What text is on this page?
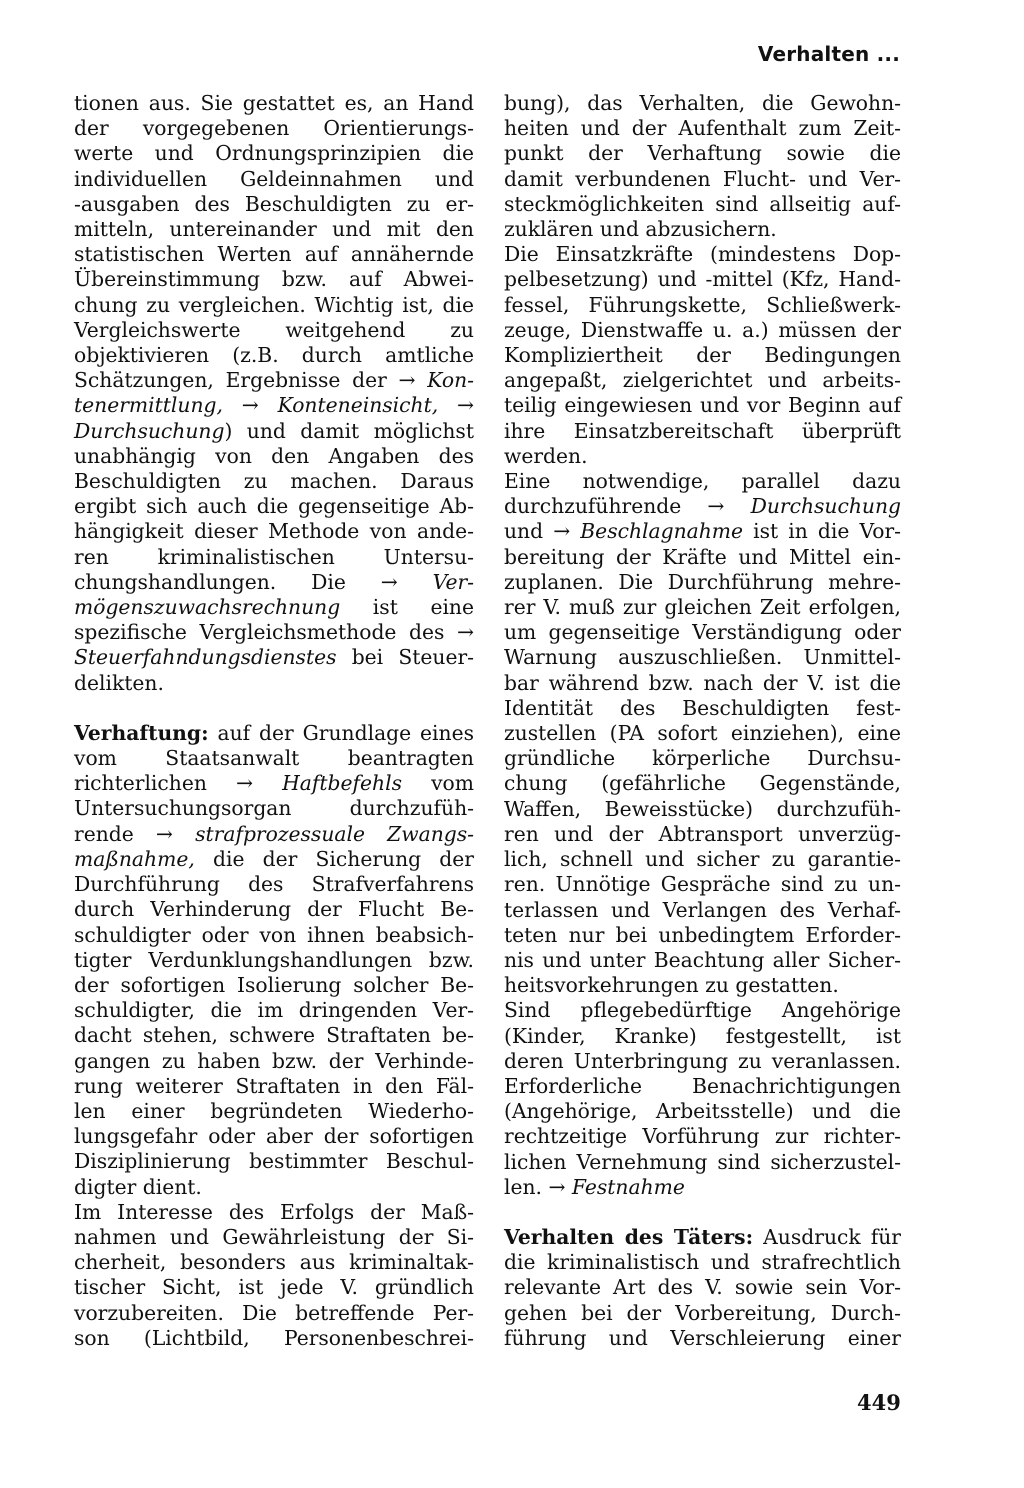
Verhalten ...
tionen aus. Sie gestattet es, an Hand
der vorgegebenen Orientierungs-
werte und Ordnungsprinzipien die
individuellen Geldeinnahmen und
-ausgaben des Beschuldigten zu er-
mitteln, untereinander und mit den
statistischen Werten auf annähernde
Übereinstimmung bzw. auf Abwei-
chung zu vergleichen. Wichtig ist, die
Vergleichswerte weitgehend zu
objektivieren (z.B. durch amtliche
Schätzungen, Ergebnisse der → Kon-
tenermittlung, → Konteneinsicht, →
Durchsuchung) und damit möglichst
unabhängig von den Angaben des
Beschuldigten zu machen. Daraus
ergibt sich auch die gegenseitige Ab-
hängigkeit dieser Methode von ande-
ren kriminalistischen Untersu-
chungshandlungen. Die → Ver-
mögenszuwachsrechnung ist eine
spezifische Vergleichsmethode des →
Steuerfahndungsdienstes bei Steuer-
delikten.
Verhaftung: auf der Grundlage eines
vom Staatsanwalt beantragten
richterlichen → Haftbefehls vom
Untersuchungsorgan durchzufüh-
rende → strafprozessuale Zwangs-
maßnahme, die der Sicherung der
Durchführung des Strafverfahrens
durch Verhinderung der Flucht Be-
schuldigter oder von ihnen beabsich-
tigter Verdunklungshandlungen bzw.
der sofortigen Isolierung solcher Be-
schuldigter, die im dringenden Ver-
dacht stehen, schwere Straftaten be-
gangen zu haben bzw. der Verhinde-
rung weiterer Straftaten in den Fäl-
len einer begründeten Wiederho-
lungsgefahr oder aber der sofortigen
Disziplinierung bestimmter Beschul-
digter dient.
Im Interesse des Erfolgs der Maß-
nahmen und Gewährleistung der Si-
cherheit, besonders aus kriminaltak-
tischer Sicht, ist jede V. gründlich
vorzubereiten. Die betreffende Per-
son (Lichtbild, Personenbeschrei-
bung), das Verhalten, die Gewohn-
heiten und der Aufenthalt zum Zeit-
punkt der Verhaftung sowie die
damit verbundenen Flucht- und Ver-
steckmöglichkeiten sind allseitig auf-
zuklären und abzusichern.
Die Einsatzkräfte (mindestens Dop-
pelbesetzung) und -mittel (Kfz, Hand-
fessel, Führungskette, Schließwerk-
zeuge, Dienstwaffe u. a.) müssen der
Kompliziertheit der Bedingungen
angepaßt, zielgerichtet und arbeits-
teilig eingewiesen und vor Beginn auf
ihre Einsatzbereitschaft überprüft
werden.
Eine notwendige, parallel dazu
durchzuführende → Durchsuchung
und → Beschlagnahme ist in die Vor-
bereitung der Kräfte und Mittel ein-
zuplanen. Die Durchführung mehre-
rer V. muß zur gleichen Zeit erfolgen,
um gegenseitige Verständigung oder
Warnung auszuschließen. Unmittel-
bar während bzw. nach der V. ist die
Identität des Beschuldigten fest-
zustellen (PA sofort einziehen), eine
gründliche körperliche Durchsu-
chung (gefährliche Gegenstände,
Waffen, Beweisstücke) durchzufüh-
ren und der Abtransport unverzüg-
lich, schnell und sicher zu garantie-
ren. Unnötige Gespräche sind zu un-
terlassen und Verlangen des Verhaf-
teten nur bei unbedingtem Erforder-
nis und unter Beachtung aller Sicher-
heitsvorkehrungen zu gestatten.
Sind pflegebedürftige Angehörige
(Kinder, Kranke) festgestellt, ist
deren Unterbringung zu veranlassen.
Erforderliche Benachrichtigungen
(Angehörige, Arbeitsstelle) und die
rechtzeitige Vorführung zur richter-
lichen Vernehmung sind sicherzustel-
len. → Festnahme
Verhalten des Täters: Ausdruck für
die kriminalistisch und strafrechtlich
relevante Art des V. sowie sein Vor-
gehen bei der Vorbereitung, Durch-
führung und Verschleierung einer
449
